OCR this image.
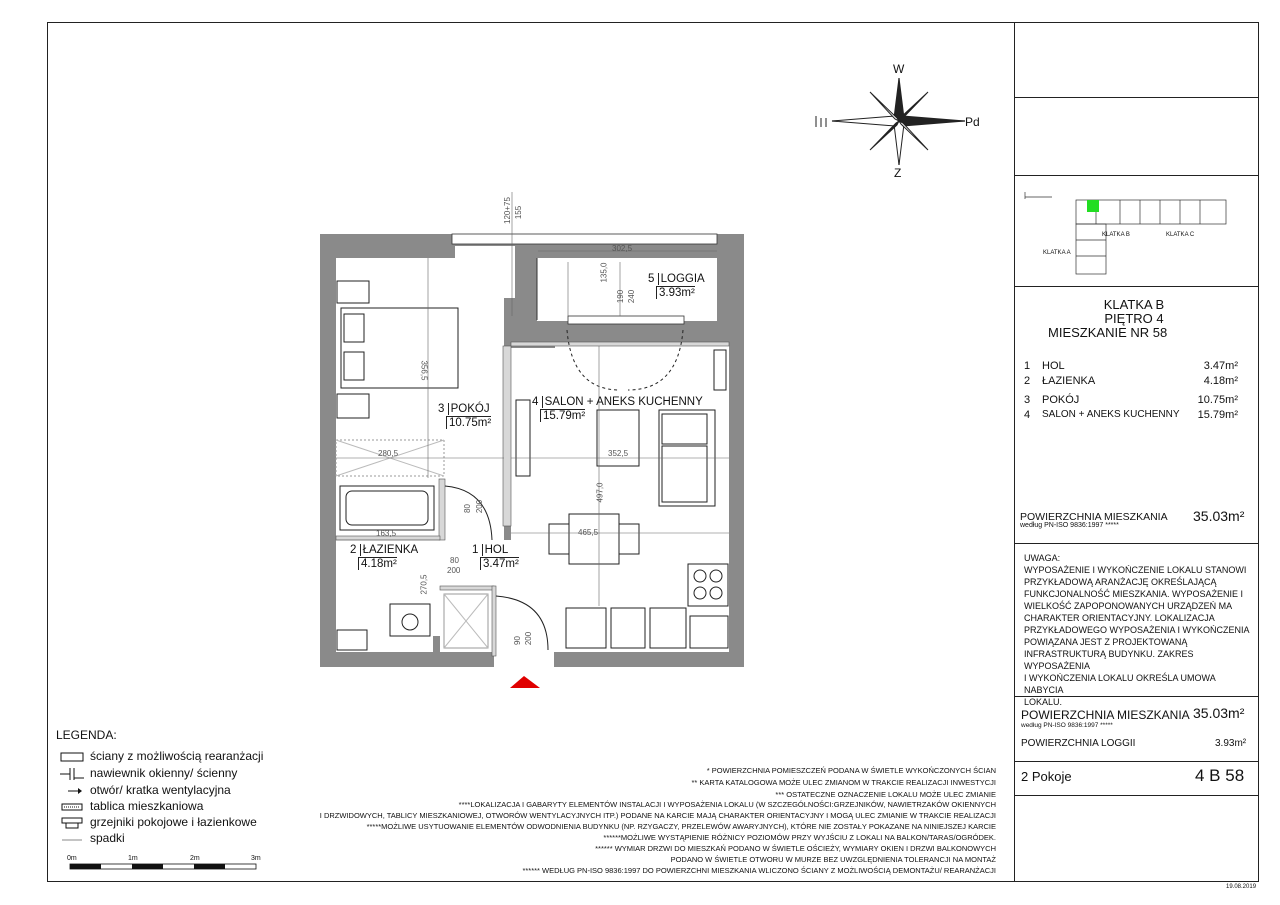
W
Z
Pd
5 LOGGIA
3.93m²
3 POKÓJ
10.75m²
4 SALON + ANEKS KUCHENNY
15.79m²
2 ŁAZIENKA
4.18m²
1 HOL
3.47m²
302,5
135,0
190 240
356,5
280,5	352,5
497,0
465,5
163,5
270,5
80 200
80
200
90 200
120+75 155
KLATKA B	KLATKA C
KLATKA A
KLATKA B
PIĘTRO 4
MIESZKANIE NR 58
1 HOL	3.47m²
2 ŁAZIENKA	4.18m²
3 POKÓJ	10.75m²
4 SALON + ANEKS KUCHENNY 15.79m²
POWIERZCHNIA MIESZKANIA
według PN-ISO 9836:1997 *****
35.03m²
UWAGA:
WYPOSAŻENIE I WYKOŃCZENIE LOKALU STANOWI
PRZYKŁADOWĄ ARANŻACJĘ OKREŚLAJĄCĄ
FUNKCJONALNOŚĆ MIESZKANIA. WYPOSAŻENIE I
WIELKOŚĆ ZAPOPONOWANYCH URZĄDZEŃ MA
CHARAKTER ORIENTACYJNY. LOKALIZACJA
PRZYKŁADOWEGO WYPOSAŻENIA I WYKOŃCZENIA
POWIĄZANA JEST Z PROJEKTOWANĄ
INFRASTRUKTURĄ BUDYNKU. ZAKRES WYPOSAŻENIA
I WYKOŃCZENIA LOKALU OKREŚLA UMOWA NABYCIA
LOKALU.
POWIERZCHNIA MIESZKANIA
według PN-ISO 9836:1997 *****
35.03m²
POWIERZCHNIA LOGGII	3.93m²
2 Pokoje	4 B 58
19.08.2019
LEGENDA:
ściany z możliwością rearanżacji
nawiewnik okienny/ ścienny
otwór/ kratka wentylacyjna
tablica mieszkaniowa
grzejniki pokojowe i łazienkowe
spadki
0m	1m	2m	3m
* POWIERZCHNIA POMIESZCZEŃ PODANA W ŚWIETLE WYKOŃCZONYCH ŚCIAN
** KARTA KATALOGOWA MOŻE ULEC ZMIANOM W TRAKCIE REALIZACJI INWESTYCJI
*** OSTATECZNE OZNACZENIE LOKALU MOŻE ULEC ZMIANIE
****LOKALIZACJA I GABARYTY ELEMENTÓW INSTALACJI I WYPOSAŻENIA LOKALU (W SZCZEGÓLNOŚCI:GRZEJNIKÓW, NAWIETRZAKÓW OKIENNYCH
I DRZWIDOWYCH, TABLICY MIESZKANIOWEJ, OTWORÓW WENTYLACYJNYCH ITP.) PODANE NA KARCIE MAJĄ CHARAKTER ORIENTACYJNY I MOGĄ ULEC ZMIANIE W TRAKCIE REALIZACJI
*****MOŻLIWE USYTUOWANIE ELEMENTÓW ODWODNIENIA BUDYNKU (NP. RZYGACZY, PRZELEWÓW AWARYJNYCH), KTÓRE NIE ZOSTAŁY POKAZANE NA NINIEJSZEJ KARCIE
******MOŻLIWE WYSTĄPIENIE RÓŻNICY POZIOMÓW PRZY WYJŚCIU Z LOKALI NA BALKON/TARAS/OGRÓDEK.
****** WYMIAR DRZWI DO MIESZKAŃ PODANO W ŚWIETLE OŚCIEŻY, WYMIARY OKIEN I DRZWI BALKONOWYCH
PODANO W ŚWIETLE OTWORU W MURZE BEZ UWZGLĘDNIENIA TOLERANCJI NA MONTAŻ
****** WEDŁUG PN-ISO 9836:1997 DO POWIERZCHNI MIESZKANIA WLICZONO ŚCIANY Z MOŻLIWOŚCIĄ DEMONTAŻU/ REARANŻACJI
